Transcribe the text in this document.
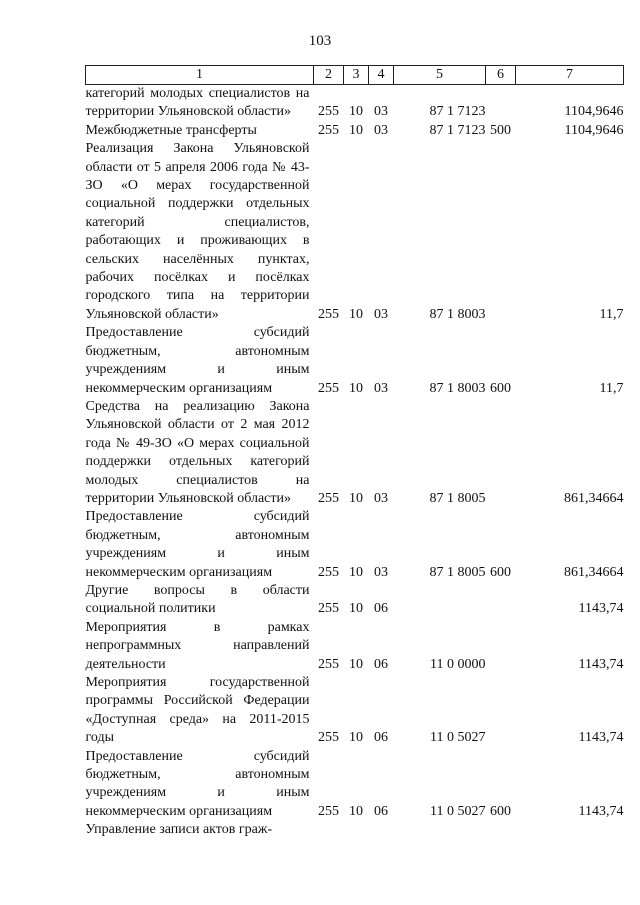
103
1	2	3	4	5	6	7
категорий молодых специалистов на территории Ульяновской области»	255	10	03	87 1 7123		1104,9646
Межбюджетные трансферты	255	10	03	87 1 7123	500	1104,9646
Реализация Закона Ульяновской области от 5 апреля 2006 года № 43-ЗО «О мерах государственной социальной поддержки отдельных категорий специалистов, работающих и проживающих в сельских населённых пунктах, рабочих посёлках и посёлках городского типа на территории Ульяновской области»	255	10	03	87 1 8003		11,7
Предоставление субсидий бюджетным, автономным учреждениям и иным некоммерческим организациям	255	10	03	87 1 8003	600	11,7
Средства на реализацию Закона Ульяновской области от 2 мая 2012 года № 49-ЗО «О мерах социальной поддержки отдельных категорий молодых специалистов на территории Ульяновской области»	255	10	03	87 1 8005		861,34664
Предоставление субсидий бюджетным, автономным учреждениям и иным некоммерческим организациям	255	10	03	87 1 8005	600	861,34664
Другие вопросы в области социальной политики	255	10	06			1143,74
Мероприятия в рамках непрограммных направлений деятельности	255	10	06	11 0 0000		1143,74
Мероприятия государственной программы Российской Федерации «Доступная среда» на 2011-2015 годы	255	10	06	11 0 5027		1143,74
Предоставление субсидий бюджетным, автономным учреждениям и иным некоммерческим организациям	255	10	06	11 0 5027	600	1143,74
Управление записи актов граж-						
